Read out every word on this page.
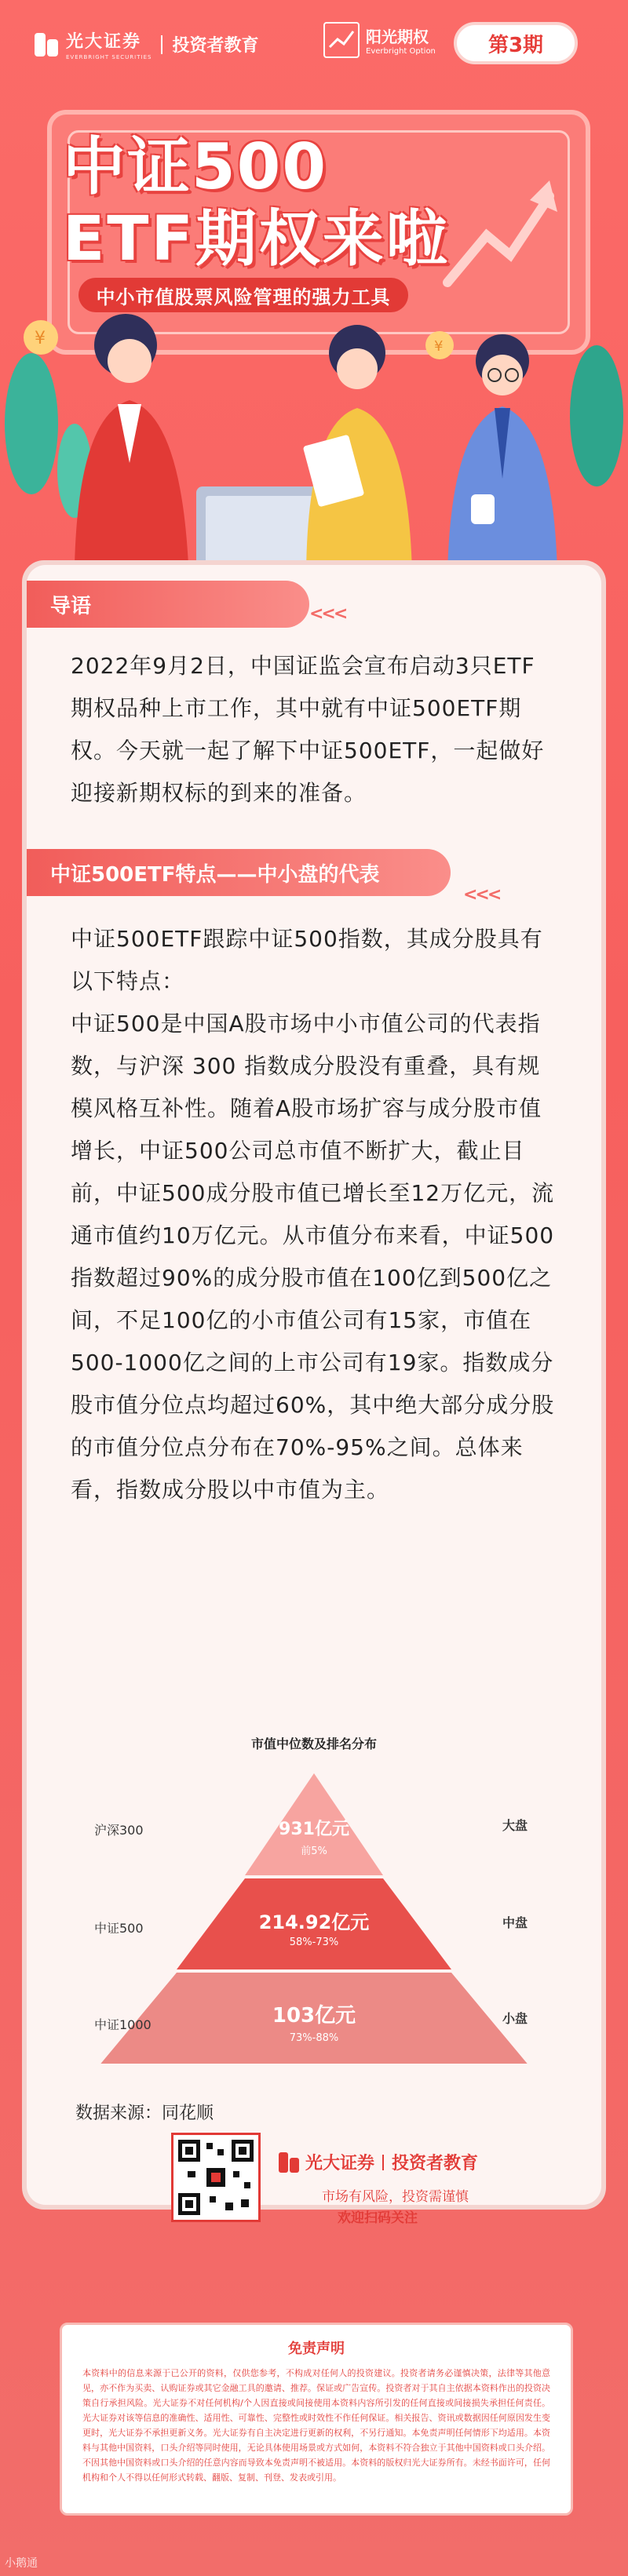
光大证券
EVERBRIGHT SECURITIES
投资者教育	阳光期权
Everbright Option	第3期
中证500
ETF期权来啦
中小市值股票风险管理的强力工具
¥	¥
导语	<<<
2022年9月2日，中国证监会宣布启动3只ETF期权品种上市工作，其中就有中证500ETF期权。今天就一起了解下中证500ETF，一起做好迎接新期权标的到来的准备。
中证500ETF特点——中小盘的代表
<<<
中证500ETF跟踪中证500指数，其成分股具有以下特点：
中证500是中国A股市场中小市值公司的代表指数，与沪深 300 指数成分股没有重叠，具有规模风格互补性。随着A股市场扩容与成分股市值增长，中证500公司总市值不断扩大，截止目前，中证500成分股市值已增长至12万亿元，流通市值约10万亿元。从市值分布来看，中证500指数超过90%的成分股市值在100亿到500亿之间，不足100亿的小市值公司有15家，市值在500-1000亿之间的上市公司有19家。指数成分股市值分位点均超过60%，其中绝大部分成分股的市值分位点分布在70%-95%之间。总体来看，指数成分股以中市值为主。
市值中位数及排名分布
沪深300
中证500
中证1000
931亿元
前5%
214.92亿元
58%-73%
103亿元
73%-88%
大盘
中盘
小盘
数据来源：同花顺
光大证券 投资者教育
市场有风险，投资需谨慎
欢迎扫码关注
免责声明
本资料中的信息来源于已公开的资料，仅供您参考，不构成对任何人的投资建议。投资者请务必谨慎决策，法律等其他意见，亦不作为买卖、认购证券或其它金融工具的邀请、推荐。保证或广告宣传。投资者对于其自主依据本资料作出的投资决策自行承担风险。光大证券不对任何机构/个人因直接或间接使用本资料内容所引发的任何直接或间接损失承担任何责任。光大证券对该等信息的准确性、适用性、可靠性、完整性或时效性不作任何保证。相关报告、资讯或数据因任何原因发生变更时，光大证券不承担更新义务。光大证券有自主决定进行更新的权利，不另行通知。本免责声明任何情形下均适用。本资料与其他中国资料，口头介绍等同时使用，无论具体使用场景或方式如何，本资料不符合独立于其他中国资料或口头介绍。不因其他中国资料或口头介绍的任意内容而导致本免责声明不被适用。本资料的版权归光大证券所有。未经书面许可，任何机构和个人不得以任何形式转载、翻版、复制、刊登、发表或引用。
小鹅通
